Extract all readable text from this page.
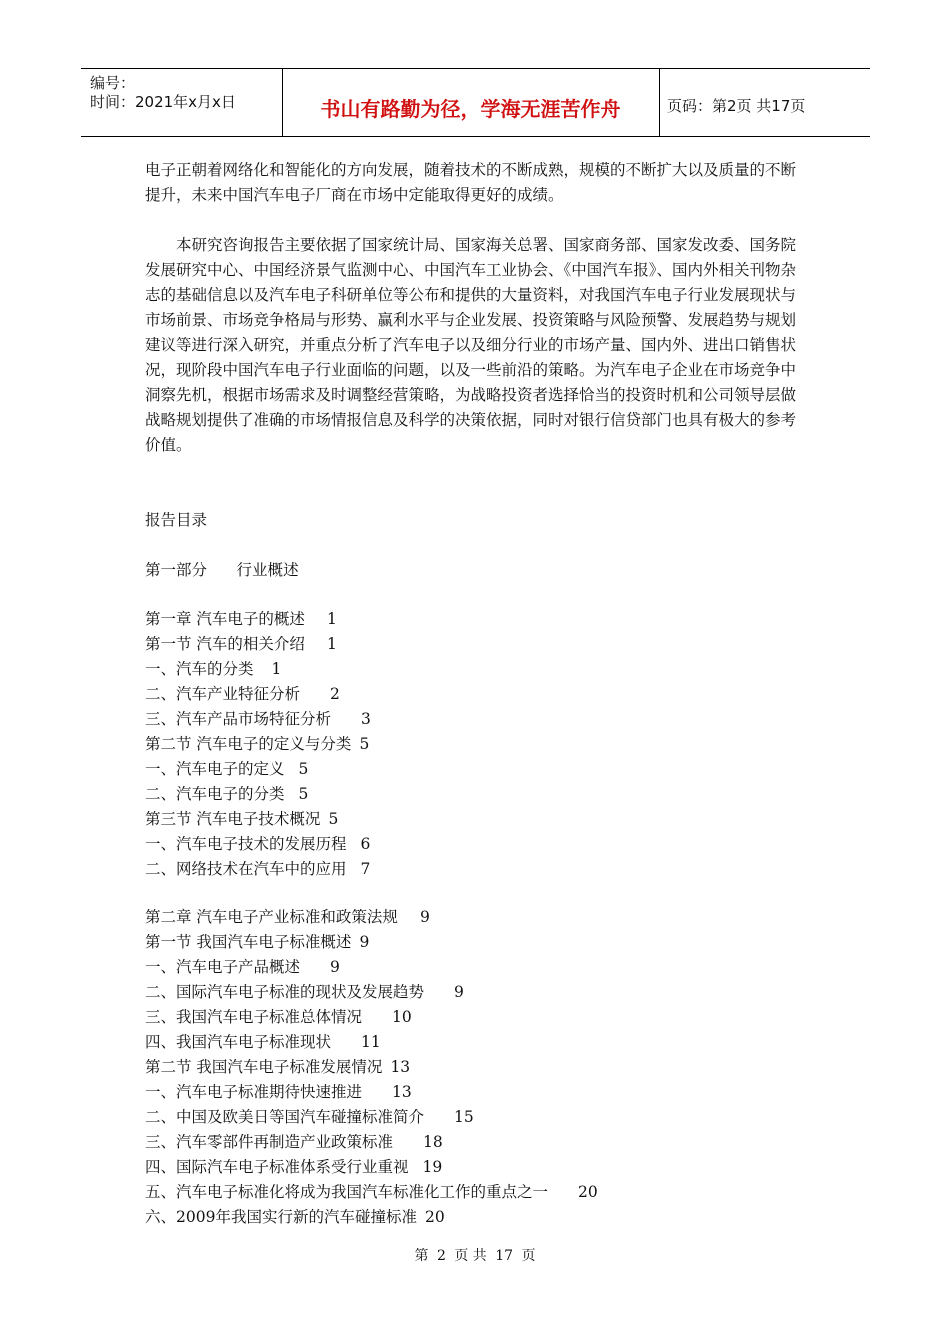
编号：
时间：2021年x月x日	书山有路勤为径，学海无涯苦作舟	页码：第2页 共17页

电子正朝着网络化和智能化的方向发展，随着技术的不断成熟，规模的不断扩大以及质量的不断提升，未来中国汽车电子厂商在市场中定能取得更好的成绩。

本研究咨询报告主要依据了国家统计局、国家海关总署、国家商务部、国家发改委、国务院发展研究中心、中国经济景气监测中心、中国汽车工业协会、《中国汽车报》、国内外相关刊物杂志的基础信息以及汽车电子科研单位等公布和提供的大量资料，对我国汽车电子行业发展现状与市场前景、市场竞争格局与形势、赢利水平与企业发展、投资策略与风险预警、发展趋势与规划建议等进行深入研究，并重点分析了汽车电子以及细分行业的市场产量、国内外、进出口销售状况，现阶段中国汽车电子行业面临的问题，以及一些前沿的策略。为汽车电子企业在市场竞争中洞察先机，根据市场需求及时调整经营策略，为战略投资者选择恰当的投资时机和公司领导层做战略规划提供了准确的市场情报信息及科学的决策依据，同时对银行信贷部门也具有极大的参考价值。

报告目录
第一部分      行业概述
第一章 汽车电子的概述 1
第一节 汽车的相关介绍 1
一、汽车的分类 1
二、汽车产业特征分析 2
三、汽车产品市场特征分析 3
第二节 汽车电子的定义与分类 5
一、汽车电子的定义 5
二、汽车电子的分类 5
第三节 汽车电子技术概况 5
一、汽车电子技术的发展历程 6
二、网络技术在汽车中的应用 7
第二章 汽车电子产业标准和政策法规 9
第一节 我国汽车电子标准概述 9
一、汽车电子产品概述 9
二、国际汽车电子标准的现状及发展趋势 9
三、我国汽车电子标准总体情况 10
四、我国汽车电子标准现状 11
第二节 我国汽车电子标准发展情况 13
一、汽车电子标准期待快速推进 13
二、中国及欧美日等国汽车碰撞标准简介 15
三、汽车零部件再制造产业政策标准 18
四、国际汽车电子标准体系受行业重视 19
五、汽车电子标准化将成为我国汽车标准化工作的重点之一 20
六、2009年我国实行新的汽车碰撞标准 20
第 2 页 共 17 页
